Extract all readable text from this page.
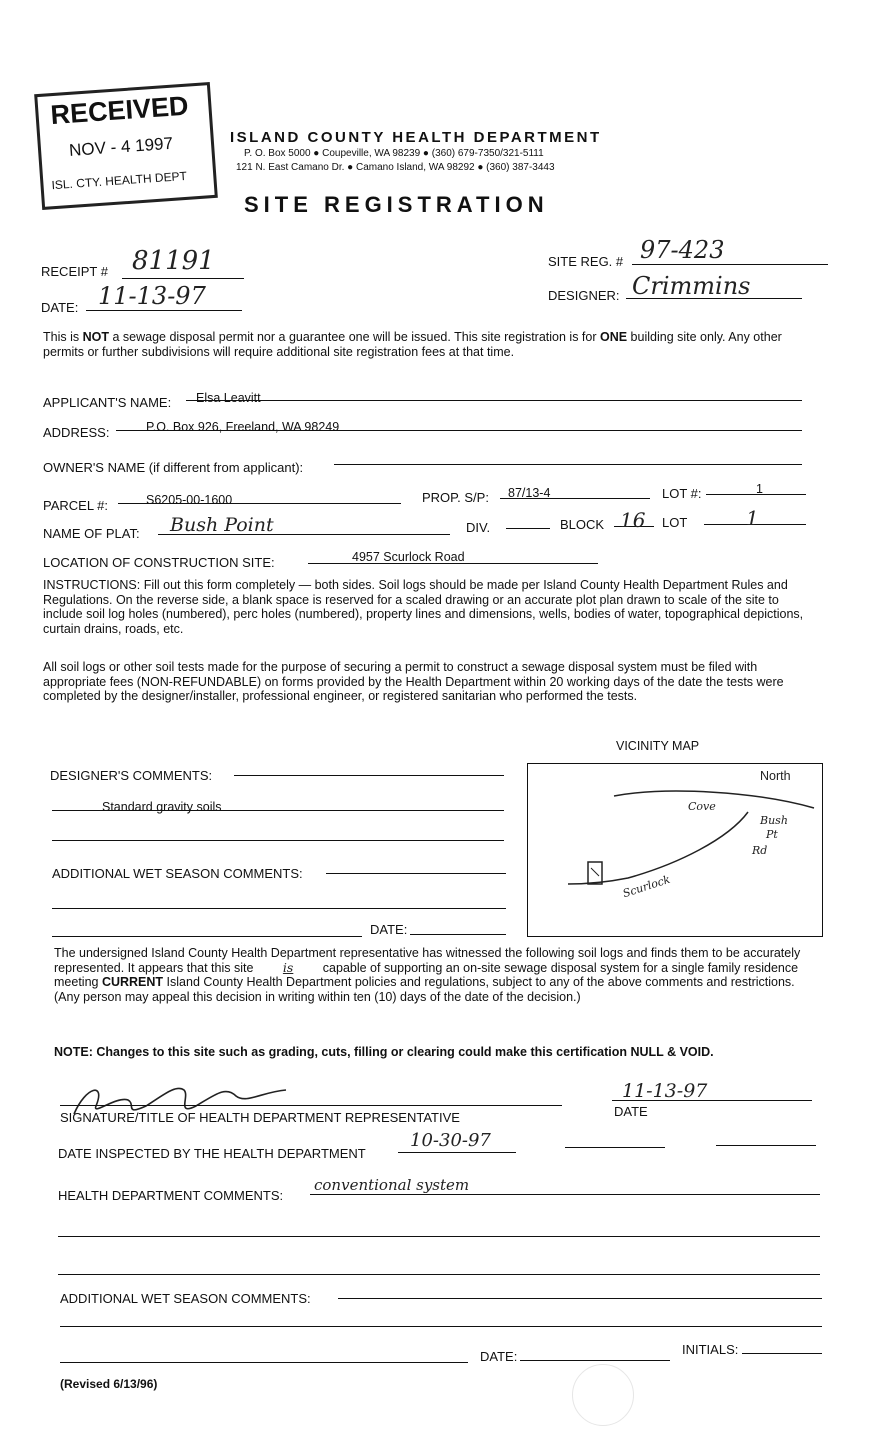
RECEIVED
NOV - 4 1997
ISL. CTY. HEALTH DEPT
ISLAND COUNTY HEALTH DEPARTMENT
P. O. Box 5000 ● Coupeville, WA 98239 ● (360) 679-7350/321-5111
121 N. East Camano Dr. ● Camano Island, WA 98292 ● (360) 387-3443
SITE REGISTRATION
RECEIPT # 81191
DATE: 11-13-97
SITE REG. # 97-423
DESIGNER: Crimmins
This is NOT a sewage disposal permit nor a guarantee one will be issued. This site registration is for ONE building site only. Any other permits or further subdivisions will require additional site registration fees at that time.
APPLICANT'S NAME: Elsa Leavitt
ADDRESS:	P.O. Box 926, Freeland, WA 98249
OWNER'S NAME (if different from applicant):
PARCEL #:	S6205-00-1600	PROP. S/P: 87/13-4	LOT #:	1
NAME OF PLAT: Bush Point	DIV.	BLOCK 16 LOT	1
LOCATION OF CONSTRUCTION SITE:	4957 Scurlock Road
INSTRUCTIONS: Fill out this form completely — both sides. Soil logs should be made per Island County Health Department Rules and Regulations. On the reverse side, a blank space is reserved for a scaled drawing or an accurate plot plan drawn to scale of the site to include soil log holes (numbered), perc holes (numbered), property lines and dimensions, wells, bodies of water, topographical depictions, curtain drains, roads, etc.
All soil logs or other soil tests made for the purpose of securing a permit to construct a sewage disposal system must be filed with appropriate fees (NON-REFUNDABLE) on forms provided by the Health Department within 20 working days of the date the tests were completed by the designer/installer, professional engineer, or registered sanitarian who performed the tests.
VICINITY MAP
North
Cove
Bush
Pt
Rd
Scurlock
DESIGNER'S COMMENTS:
Standard gravity soils
ADDITIONAL WET SEASON COMMENTS:
DATE:
The undersigned Island County Health Department representative has witnessed the following soil logs and finds them to be accurately represented. It appears that this site is capable of supporting an on-site sewage disposal system for a single family residence meeting CURRENT Island County Health Department policies and regulations, subject to any of the above comments and restrictions. (Any person may appeal this decision in writing within ten (10) days of the date of the decision.)
NOTE: Changes to this site such as grading, cuts, filling or clearing could make this certification NULL & VOID.
SIGNATURE/TITLE OF HEALTH DEPARTMENT REPRESENTATIVE
11-13-97
DATE
DATE INSPECTED BY THE HEALTH DEPARTMENT
10-30-97
HEALTH DEPARTMENT COMMENTS:
conventional system
ADDITIONAL WET SEASON COMMENTS:
DATE:	INITIALS:
(Revised 6/13/96)
